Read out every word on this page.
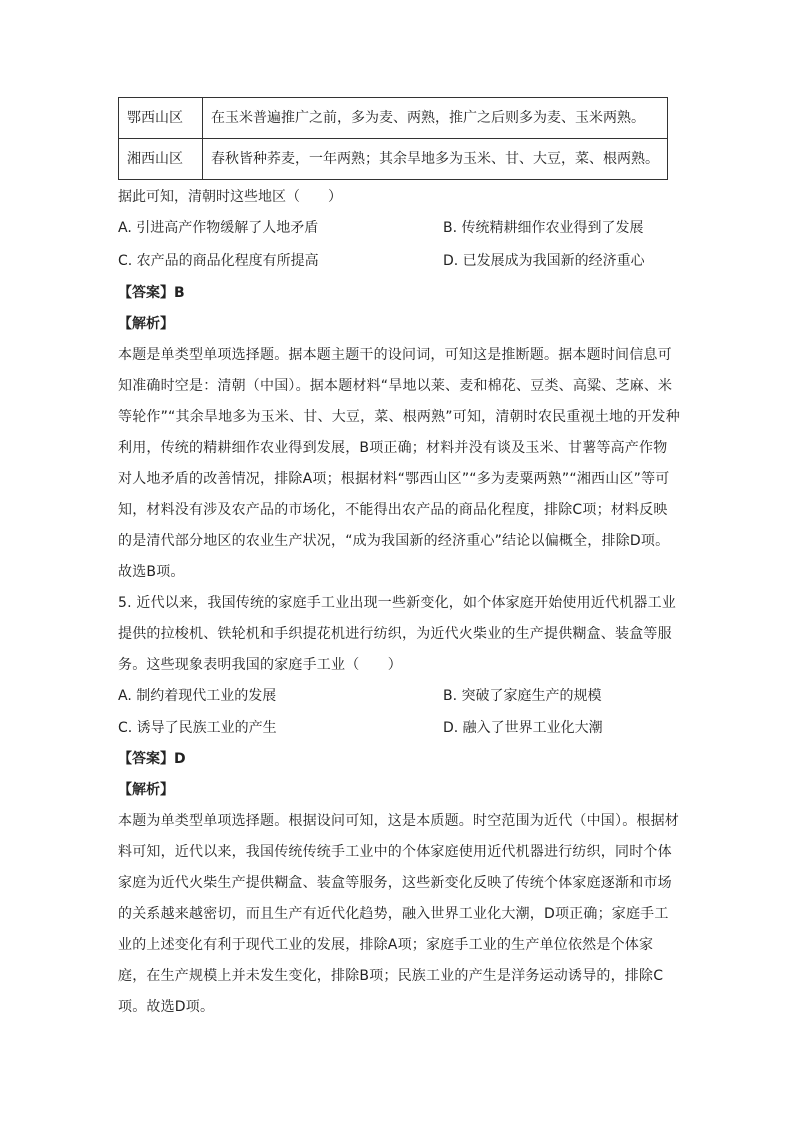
鄂西山区	在玉米普遍推广之前，多为麦、两熟，推广之后则多为麦、玉米两熟。
湘西山区	春秋皆种荞麦，一年两熟；其余旱地多为玉米、甘、大豆，菜、根两熟。
据此可知，清朝时这些地区（　　）
A. 引进高产作物缓解了人地矛盾	B. 传统精耕细作农业得到了发展
C. 农产品的商品化程度有所提高	D. 已发展成为我国新的经济重心
【答案】B
【解析】
本题是单类型单项选择题。据本题主题干的设问词，可知这是推断题。据本题时间信息可
知准确时空是：清朝（中国）。据本题材料“旱地以莱、麦和棉花、豆类、高粱、芝麻、米
等轮作”“其余旱地多为玉米、甘、大豆，菜、根两熟”可知，清朝时农民重视土地的开发种
利用，传统的精耕细作农业得到发展，B项正确；材料并没有谈及玉米、甘薯等高产作物
对人地矛盾的改善情况，排除A项；根据材料“鄂西山区”“多为麦粟两熟”“湘西山区”等可
知，材料没有涉及农产品的市场化，不能得出农产品的商品化程度，排除C项；材料反映
的是清代部分地区的农业生产状况，“成为我国新的经济重心”结论以偏概全，排除D项。
故选B项。
5. 近代以来，我国传统的家庭手工业出现一些新变化，如个体家庭开始使用近代机器工业
提供的拉梭机、铁轮机和手织提花机进行纺织，为近代火柴业的生产提供糊盒、装盒等服
务。这些现象表明我国的家庭手工业（　　）
A. 制约着现代工业的发展	B. 突破了家庭生产的规模
C. 诱导了民族工业的产生	D. 融入了世界工业化大潮
【答案】D
【解析】
本题为单类型单项选择题。根据设问可知，这是本质题。时空范围为近代（中国）。根据材
料可知，近代以来，我国传统传统手工业中的个体家庭使用近代机器进行纺织，同时个体
家庭为近代火柴生产提供糊盒、装盒等服务，这些新变化反映了传统个体家庭逐渐和市场
的关系越来越密切，而且生产有近代化趋势，融入世界工业化大潮，D项正确；家庭手工
业的上述变化有利于现代工业的发展，排除A项；家庭手工业的生产单位依然是个体家
庭，在生产规模上并未发生变化，排除B项；民族工业的产生是洋务运动诱导的，排除C
项。故选D项。
